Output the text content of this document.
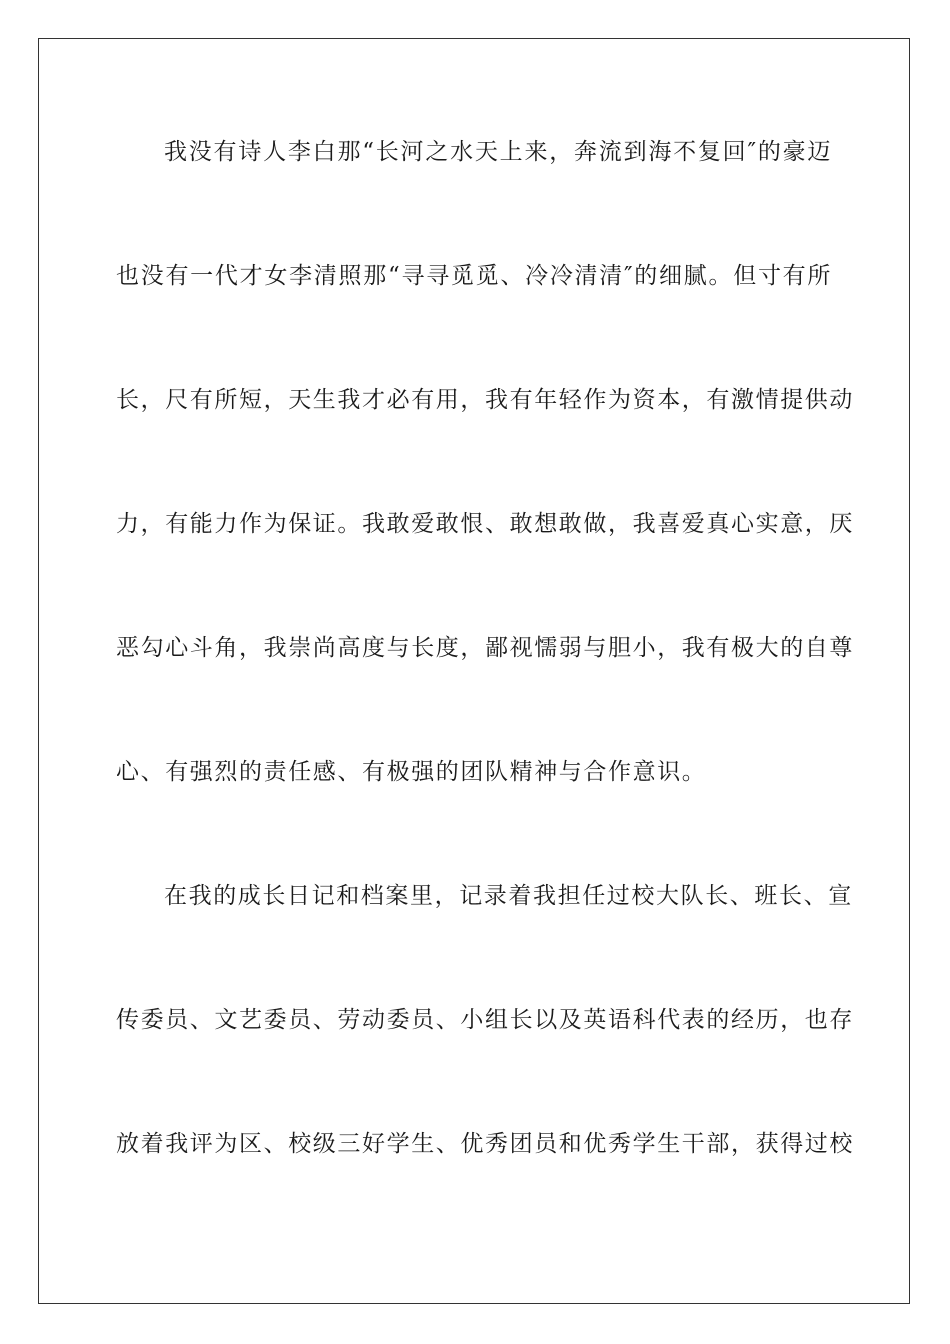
我没有诗人李白那“长河之水天上来，奔流到海不复回″的豪迈
也没有一代才女李清照那“寻寻觅觅、冷冷清清″的细腻。但寸有所
长，尺有所短，天生我才必有用，我有年轻作为资本，有激情提供动
力，有能力作为保证。我敢爱敢恨、敢想敢做，我喜爱真心实意，厌
恶勾心斗角，我崇尚高度与长度，鄙视懦弱与胆小，我有极大的自尊
心、有强烈的责任感、有极强的团队精神与合作意识。
在我的成长日记和档案里，记录着我担任过校大队长、班长、宣
传委员、文艺委员、劳动委员、小组长以及英语科代表的经历，也存
放着我评为区、校级三好学生、优秀团员和优秀学生干部，获得过校
